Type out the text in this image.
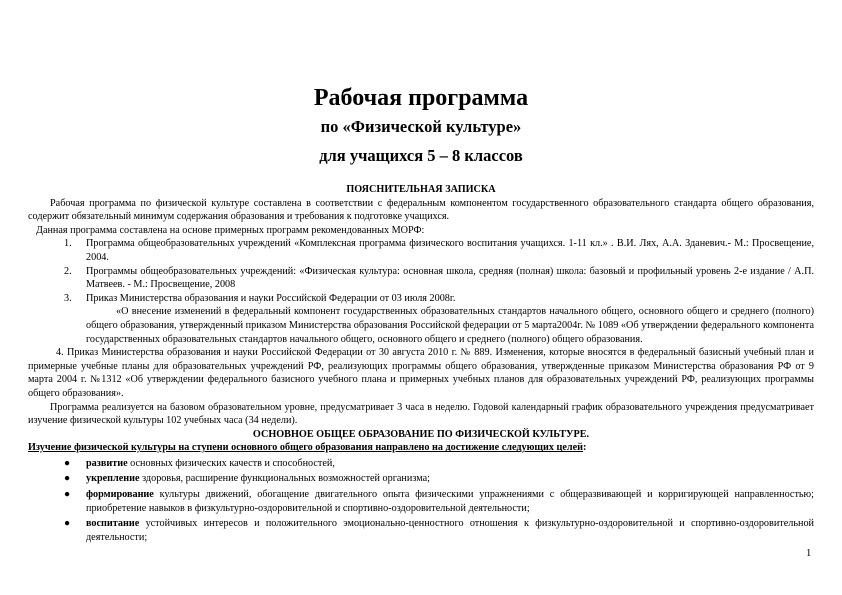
Рабочая программа
по «Физической культуре»
для учащихся 5 – 8 классов

ПОЯСНИТЕЛЬНАЯ ЗАПИСКА

Рабочая программа по физической культуре составлена в соответствии с федеральным компонентом государственного образовательного стандарта общего образования, содержит обязательный минимум содержания образования и требования к подготовке учащихся.

Данная программа составлена на основе примерных программ рекомендованных МОРФ:

1. Программа общеобразовательных учреждений «Комплексная программа физического воспитания учащихся. 1-11 кл.» . В.И. Лях, А.А. Зданевич.- М.: Просвещение, 2004.
2. Программы общеобразовательных учреждений: «Физическая культура: основная школа, средняя (полная) школа: базовый и профильный уровень 2-е издание / А.П. Матвеев. - М.: Просвещение, 2008
3. Приказ Министерства образования и науки Российской Федерации от 03 июля 2008г.

«О внесение изменений в федеральный компонент государственных образовательных стандартов начального общего, основного общего и среднего (полного) общего образования, утвержденный приказом Министерства образования Российской федерации от 5 марта2004г. № 1089 «Об утверждении федерального компонента государственных образовательных стандартов начального общего, основного общего и среднего (полного) общего образования.

4. Приказ Министерства образования и науки Российской Федерации от 30 августа 2010 г. № 889. Изменения, которые вносятся в федеральный базисный учебный план и примерные учебные планы для образовательных учреждений РФ, реализующих программы общего образования, утвержденные приказом Министерства образования РФ от 9 марта 2004 г. №1312 «Об утверждении федерального базисного учебного плана и примерных учебных планов для образовательных учреждений РФ, реализующих программы общего образования».

Программа реализуется на базовом образовательном уровне, предусматривает 3 часа в неделю. Годовой календарный график образовательного учреждения предусматривает изучение физической культуры 102 учебных часа (34 недели).

ОСНОВНОЕ ОБЩЕЕ ОБРАЗОВАНИЕ ПО ФИЗИЧЕСКОЙ КУЛЬТУРЕ.

Изучение физической культуры на ступени основного общего образования направлено на достижение следующих целей:

● развитие основных физических качеств и способностей,
● укрепление здоровья, расширение функциональных возможностей организма;
● формирование культуры движений, обогащение двигательного опыта физическими упражнениями с общеразвивающей и корригирующей направленностью; приобретение навыков в физкультурно-оздоровительной и спортивно-оздоровительной деятельности;
● воспитание устойчивых интересов и положительного эмоционально-ценностного отношения к физкультурно-оздоровительной и спортивно-оздоровительной деятельности;
1
